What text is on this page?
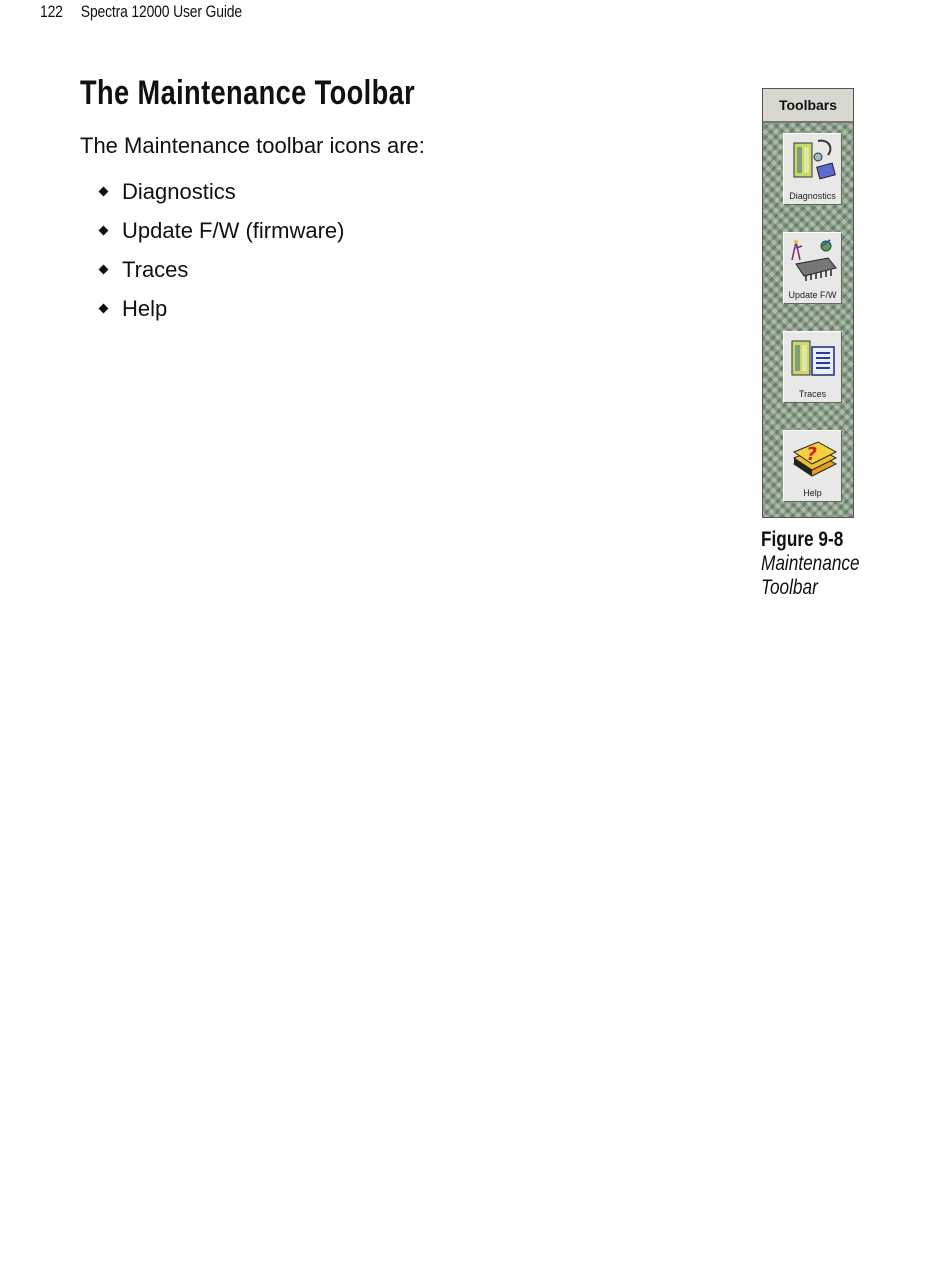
122 Spectra 12000 User Guide
The Maintenance Toolbar

The Maintenance toolbar icons are:

Diagnostics
Update F/W (firmware)
Traces
Help
Toolbars
Diagnostics
Update F/W
Traces
?
Help

Figure 9-8

Maintenance Toolbar
